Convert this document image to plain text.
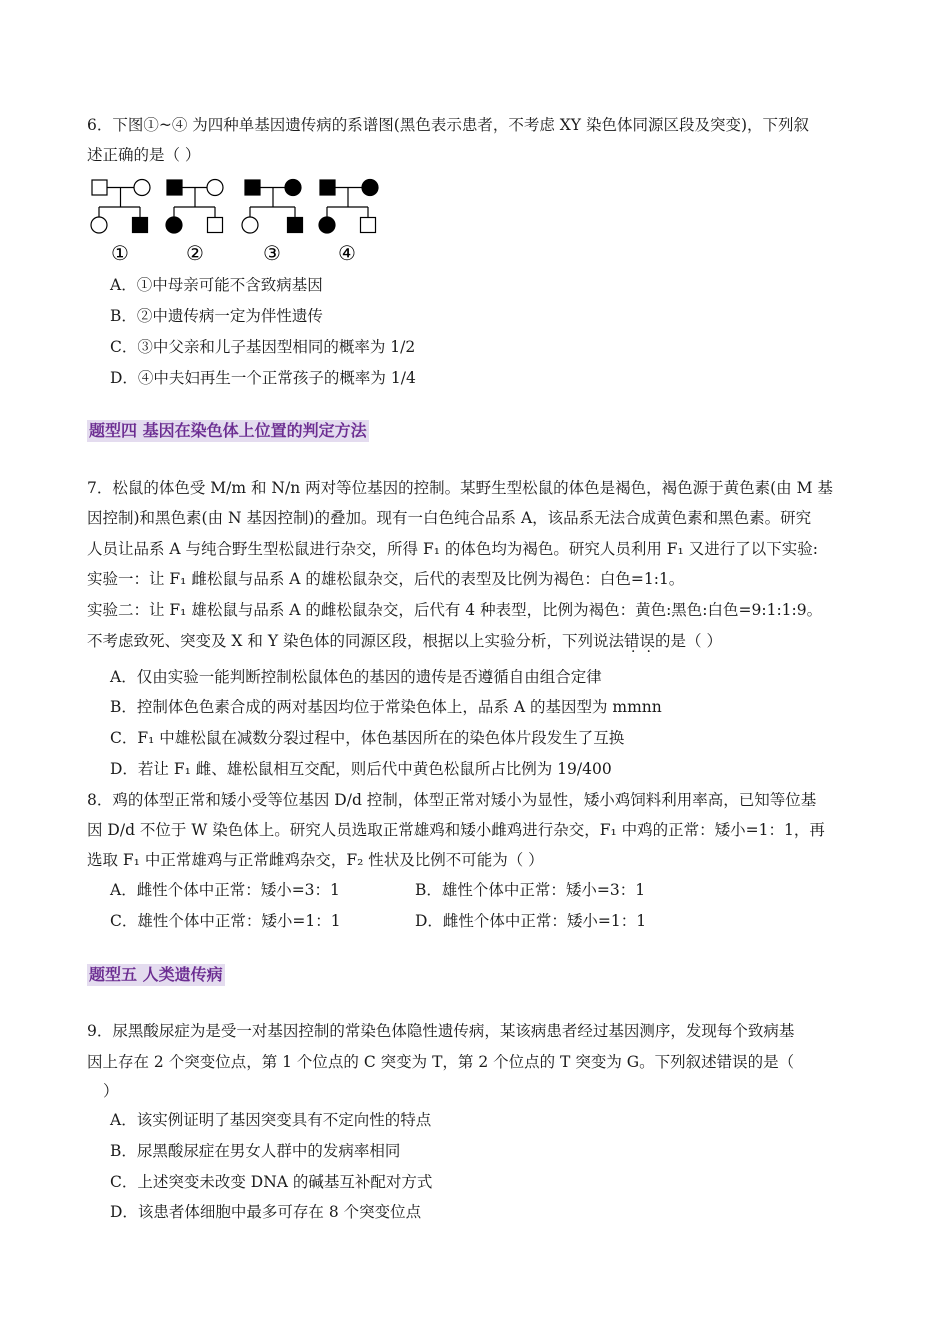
6．下图①~④ 为四种单基因遗传病的系谱图(黑色表示患者，不考虑 XY 染色体同源区段及突变)，下列叙
述正确的是（ ）
①	②	③	④
A．①中母亲可能不含致病基因
B．②中遗传病一定为伴性遗传
C．③中父亲和儿子基因型相同的概率为 1/2
D．④中夫妇再生一个正常孩子的概率为 1/4
题型四 基因在染色体上位置的判定方法
7．松鼠的体色受 M/m 和 N/n 两对等位基因的控制。某野生型松鼠的体色是褐色，褐色源于黄色素(由 M 基
因控制)和黑色素(由 N 基因控制)的叠加。现有一白色纯合品系 A，该品系无法合成黄色素和黑色素。研究
人员让品系 A 与纯合野生型松鼠进行杂交，所得 F₁ 的体色均为褐色。研究人员利用 F₁ 又进行了以下实验:
实验一：让 F₁ 雌松鼠与品系 A 的雄松鼠杂交，后代的表型及比例为褐色：白色=1:1。
实验二：让 F₁ 雄松鼠与品系 A 的雌松鼠杂交，后代有 4 种表型，比例为褐色：黄色:黑色:白色=9:1:1:9。
不考虑致死、突变及 X 和 Y 染色体的同源区段，根据以上实验分析，下列说法错误的是（ ）
A．仅由实验一能判断控制松鼠体色的基因的遗传是否遵循自由组合定律
B．控制体色色素合成的两对基因均位于常染色体上，品系 A 的基因型为 mmnn
C．F₁ 中雄松鼠在减数分裂过程中，体色基因所在的染色体片段发生了互换
D．若让 F₁ 雌、雄松鼠相互交配，则后代中黄色松鼠所占比例为 19/400
8．鸡的体型正常和矮小受等位基因 D/d 控制，体型正常对矮小为显性，矮小鸡饲料利用率高，已知等位基
因 D/d 不位于 W 染色体上。研究人员选取正常雄鸡和矮小雌鸡进行杂交，F₁ 中鸡的正常：矮小=1：1，再
选取 F₁ 中正常雄鸡与正常雌鸡杂交，F₂ 性状及比例不可能为（ ）
A．雌性个体中正常：矮小=3：1	B．雄性个体中正常：矮小=3：1
C．雄性个体中正常：矮小=1：1	D．雌性个体中正常：矮小=1：1
题型五 人类遗传病
9．尿黑酸尿症为是受一对基因控制的常染色体隐性遗传病，某该病患者经过基因测序，发现每个致病基
因上存在 2 个突变位点，第 1 个位点的 C 突变为 T，第 2 个位点的 T 突变为 G。下列叙述错误的是（
）
A．该实例证明了基因突变具有不定向性的特点
B．尿黑酸尿症在男女人群中的发病率相同
C．上述突变未改变 DNA 的碱基互补配对方式
D．该患者体细胞中最多可存在 8 个突变位点
